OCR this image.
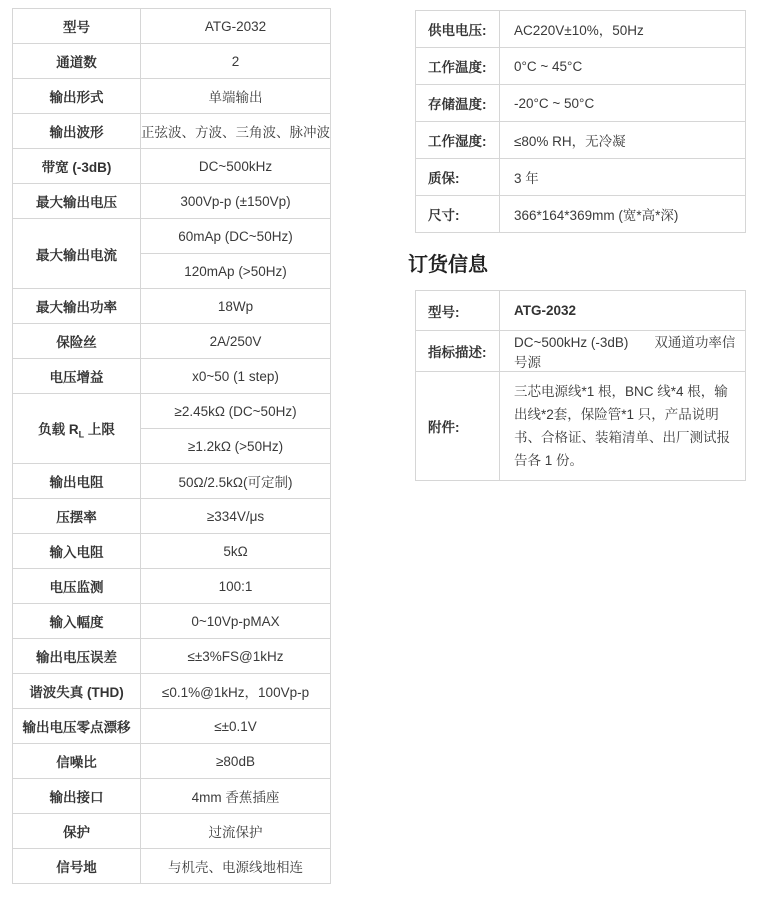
型号	ATG-2032
通道数	2
输出形式	单端输出
输出波形	正弦波、方波、三角波、脉冲波
带宽 (-3dB)	DC~500kHz
最大输出电压	300Vp-p (±150Vp)
最大输出电流	60mAp (DC~50Hz)
	120mAp (>50Hz)
最大输出功率	18Wp
保险丝	2A/250V
电压增益	x0~50 (1 step)
负载 $R_L$ 上限	≥2.45kΩ (DC~50Hz)
	≥1.2kΩ (>50Hz)
输出电阻	50Ω/2.5kΩ(可定制)
压摆率	≥334V/μs
输入电阻	5kΩ
电压监测	100:1
输入幅度	0~10Vp-pMAX
输出电压误差	≤±3%FS@1kHz
谐波失真 (THD)	≤0.1%@1kHz，100Vp-p
输出电压零点漂移	≤±0.1V
信噪比	≥80dB
输出接口	4mm 香蕉插座
保护	过流保护
信号地	与机壳、电源线地相连
供电电压:	AC220V±10%，50Hz
工作温度:	0°C ~ 45°C
存储温度:	-20°C ~ 50°C
工作湿度:	≤80% RH，无冷凝
质保:	3 年
尺寸:	366*164*369mm (宽*高*深)
订货信息
型号:	ATG-2032
指标描述:	DC~500kHz (-3dB) 双通道功率信号源
附件:	三芯电源线*1 根，BNC 线*4 根，输出线*2套，保险管*1 只，产品说明书、合格证、装箱清单、出厂测试报告各 1 份。
